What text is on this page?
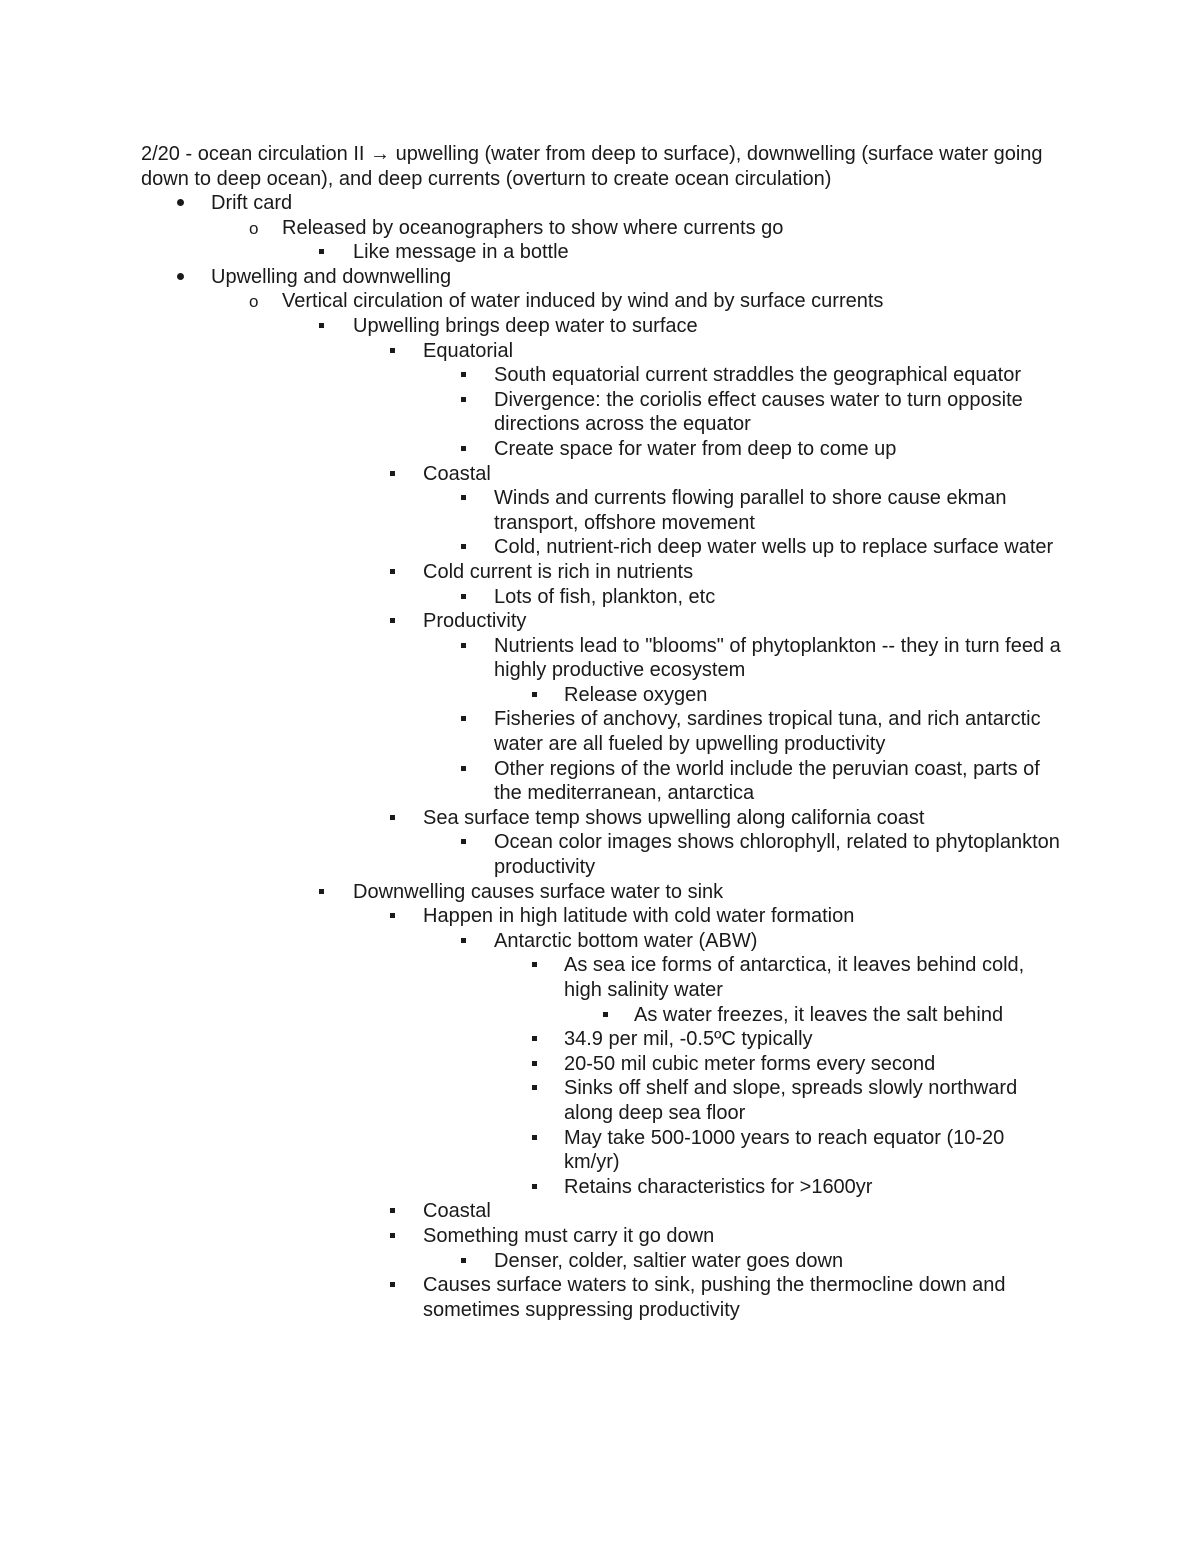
2/20 - ocean circulation II → upwelling (water from deep to surface), downwelling (surface water going down to deep ocean), and deep currents (overturn to create ocean circulation)

Drift card
o	Released by oceanographers to show where currents go
Like message in a bottle
Upwelling and downwelling
o	Vertical circulation of water induced by wind and by surface currents
Upwelling brings deep water to surface
Equatorial
South equatorial current straddles the geographical equator
Divergence: the coriolis effect causes water to turn opposite directions across the equator
Create space for water from deep to come up
Coastal
Winds and currents flowing parallel to shore cause ekman transport, offshore movement
Cold, nutrient-rich deep water wells up to replace surface water
Cold current is rich in nutrients
Lots of fish, plankton, etc
Productivity
Nutrients lead to "blooms" of phytoplankton -- they in turn feed a highly productive ecosystem
Release oxygen
Fisheries of anchovy, sardines tropical tuna, and rich antarctic water are all fueled by upwelling productivity
Other regions of the world include the peruvian coast, parts of the mediterranean, antarctica
Sea surface temp shows upwelling along california coast
Ocean color images shows chlorophyll, related to phytoplankton productivity
Downwelling causes surface water to sink
Happen in high latitude with cold water formation
Antarctic bottom water (ABW)
As sea ice forms of antarctica, it leaves behind cold, high salinity water
As water freezes, it leaves the salt behind
34.9 per mil, -0.5ºC typically
20-50 mil cubic meter forms every second
Sinks off shelf and slope, spreads slowly northward along deep sea floor
May take 500-1000 years to reach equator (10-20 km/yr)
Retains characteristics for >1600yr
Coastal
Something must carry it go down
Denser, colder, saltier water goes down
Causes surface waters to sink, pushing the thermocline down and sometimes suppressing productivity
